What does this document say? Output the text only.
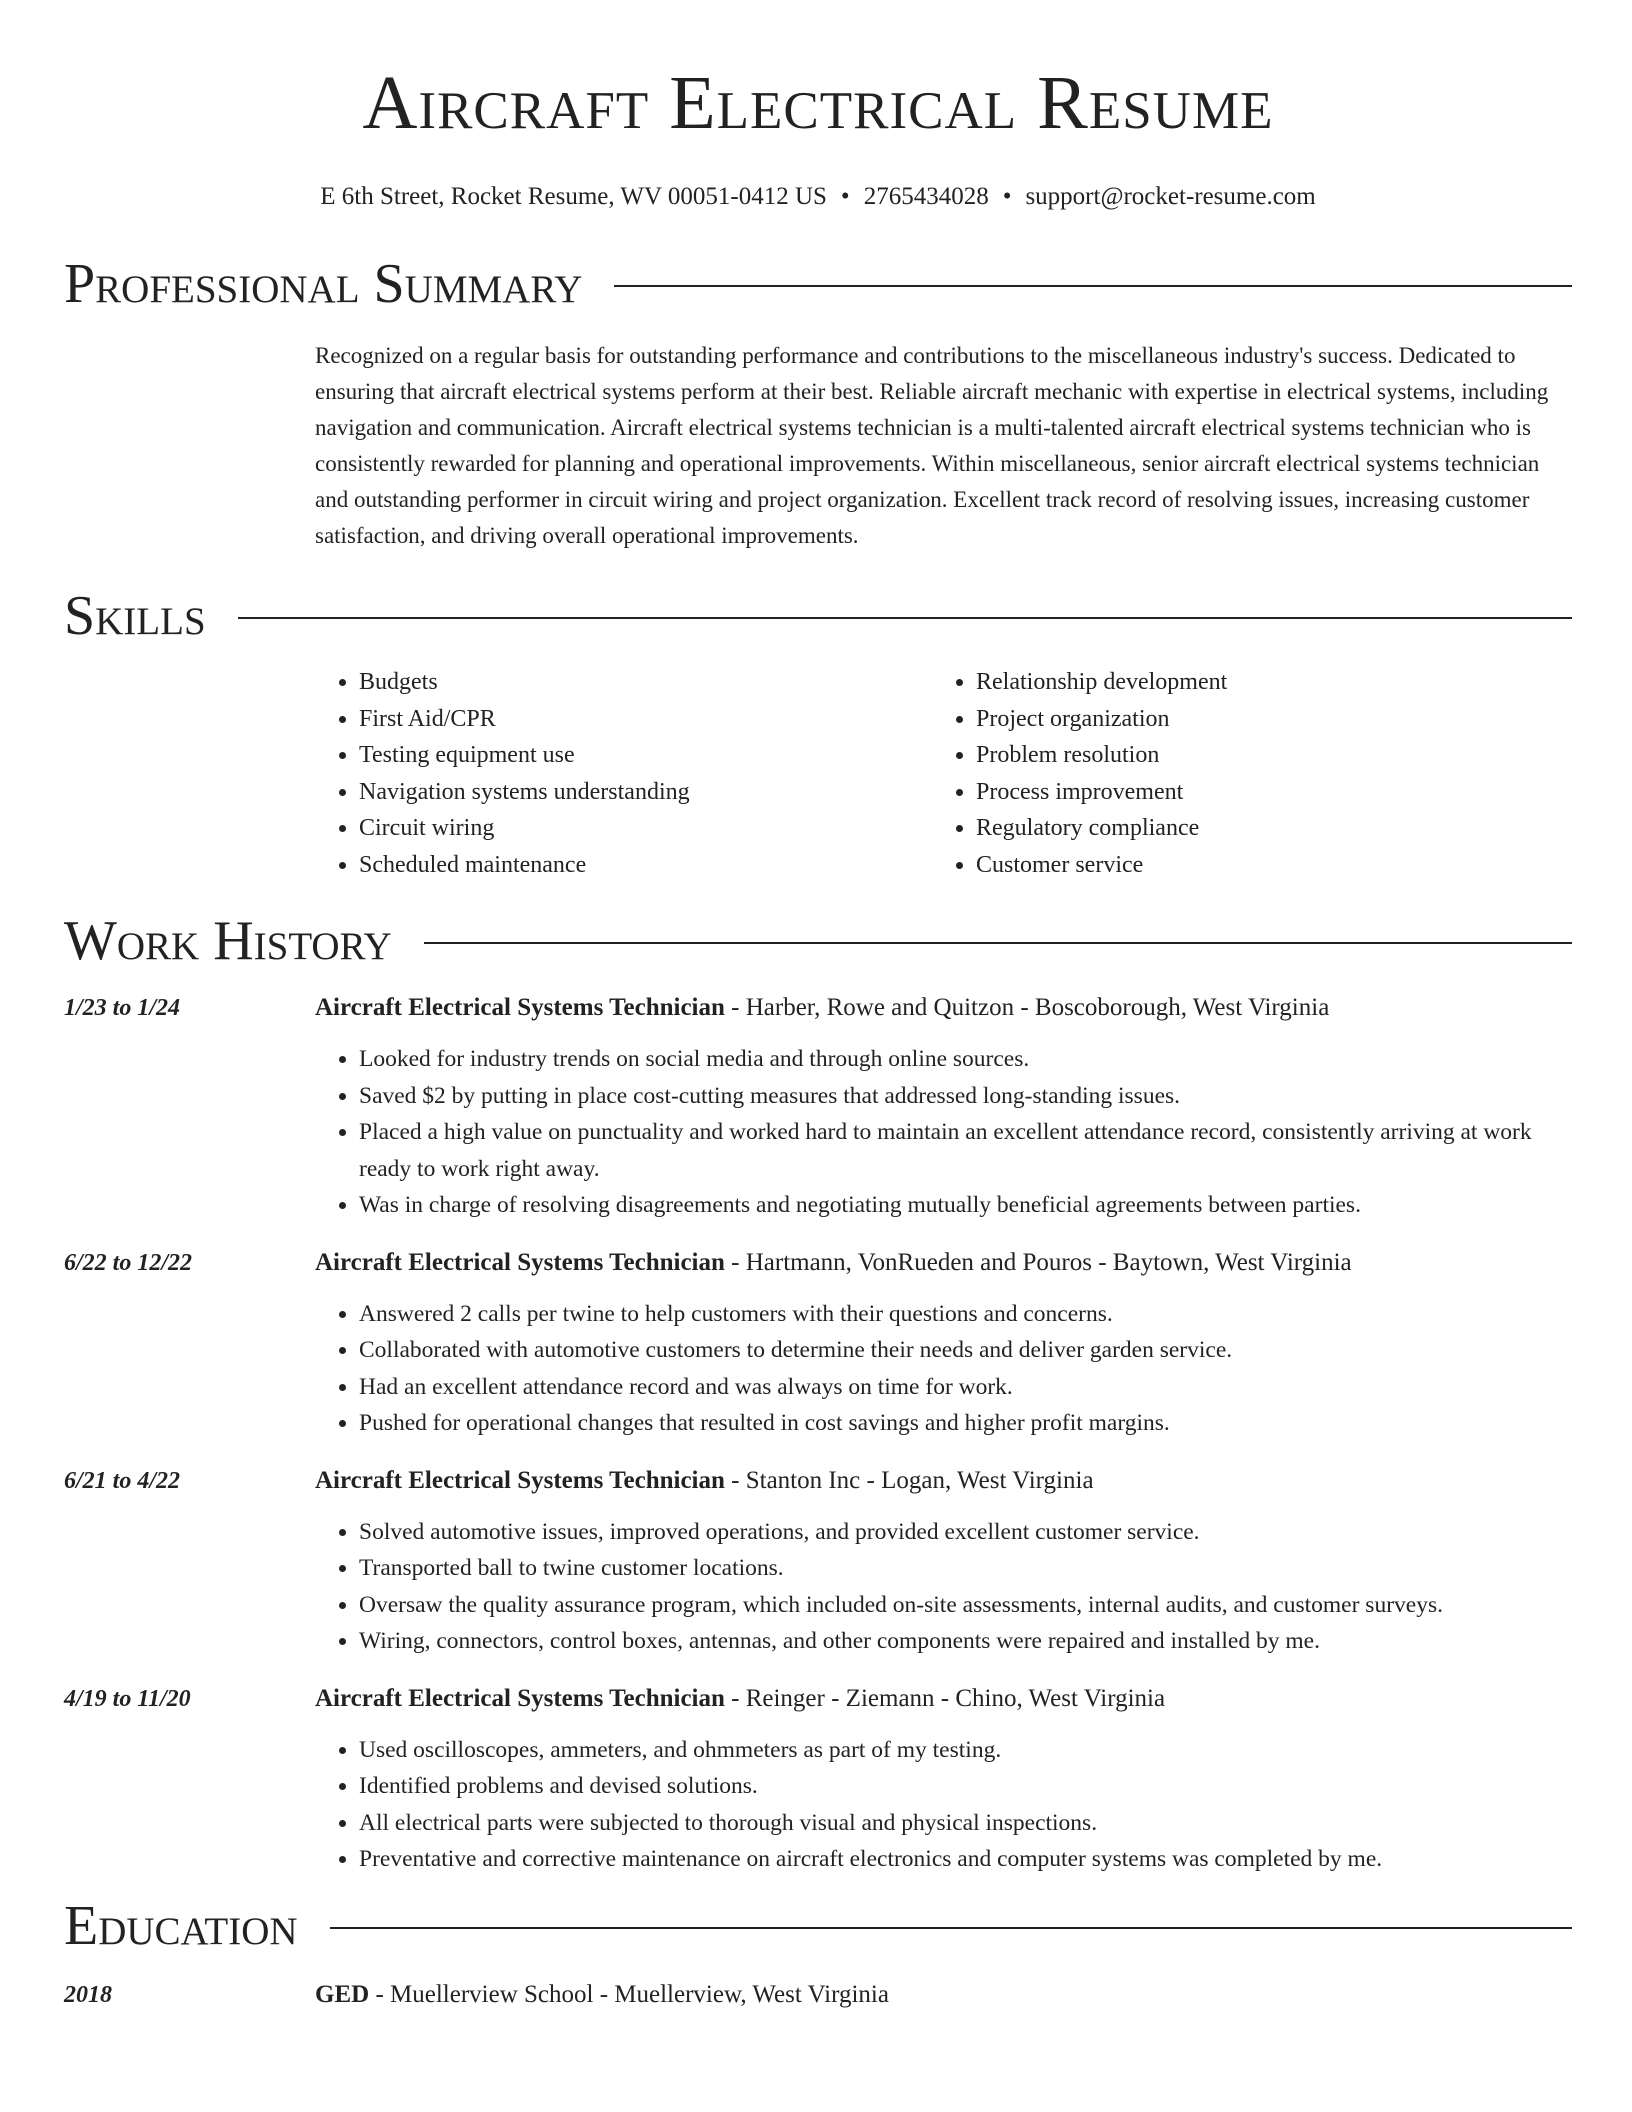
Aircraft Electrical Resume
E 6th Street, Rocket Resume, WV 00051-0412 US • 2765434028 • support@rocket-resume.com
Professional Summary

Recognized on a regular basis for outstanding performance and contributions to the miscellaneous industry's success. Dedicated to ensuring that aircraft electrical systems perform at their best. Reliable aircraft mechanic with expertise in electrical systems, including navigation and communication. Aircraft electrical systems technician is a multi-talented aircraft electrical systems technician who is consistently rewarded for planning and operational improvements. Within miscellaneous, senior aircraft electrical systems technician and outstanding performer in circuit wiring and project organization. Excellent track record of resolving issues, increasing customer satisfaction, and driving overall operational improvements.

Skills
• Budgets
• First Aid/CPR
• Testing equipment use
• Navigation systems understanding
• Circuit wiring
• Scheduled maintenance
• Relationship development
• Project organization
• Problem resolution
• Process improvement
• Regulatory compliance
• Customer service
Work History
1/23 to 1/24	Aircraft Electrical Systems Technician - Harber, Rowe and Quitzon - Boscoborough, West Virginia
• Looked for industry trends on social media and through online sources.
• Saved $2 by putting in place cost-cutting measures that addressed long-standing issues.
• Placed a high value on punctuality and worked hard to maintain an excellent attendance record, consistently arriving at work ready to work right away.
• Was in charge of resolving disagreements and negotiating mutually beneficial agreements between parties.
6/22 to 12/22	Aircraft Electrical Systems Technician - Hartmann, VonRueden and Pouros - Baytown, West Virginia
• Answered 2 calls per twine to help customers with their questions and concerns.
• Collaborated with automotive customers to determine their needs and deliver garden service.
• Had an excellent attendance record and was always on time for work.
• Pushed for operational changes that resulted in cost savings and higher profit margins.
6/21 to 4/22	Aircraft Electrical Systems Technician - Stanton Inc - Logan, West Virginia
• Solved automotive issues, improved operations, and provided excellent customer service.
• Transported ball to twine customer locations.
• Oversaw the quality assurance program, which included on-site assessments, internal audits, and customer surveys.
• Wiring, connectors, control boxes, antennas, and other components were repaired and installed by me.
4/19 to 11/20	Aircraft Electrical Systems Technician - Reinger - Ziemann - Chino, West Virginia
• Used oscilloscopes, ammeters, and ohmmeters as part of my testing.
• Identified problems and devised solutions.
• All electrical parts were subjected to thorough visual and physical inspections.
• Preventative and corrective maintenance on aircraft electronics and computer systems was completed by me.
Education
2018	GED - Muellerview School - Muellerview, West Virginia
